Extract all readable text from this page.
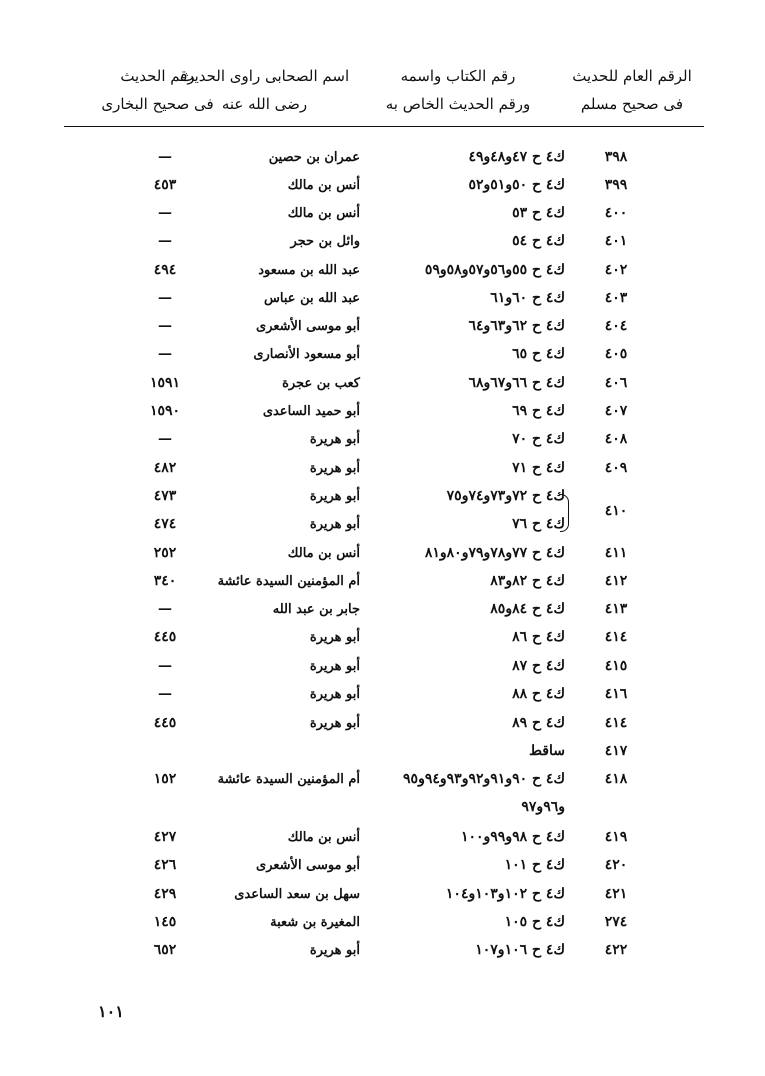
الرقم العام للحديث
فى صحيح مسلم
رقم الكتاب واسمه
ورقم الحديث الخاص به
اسم الصحابى راوى الحديث
رضى الله عنه
رقم الحديث
فى صحيح البخارى
٣٩٨
ك٤ ح ٤٧و٤٨و٤٩
عمران بن حصين
—
٣٩٩
ك٤ ح ٥٠و٥١و٥٢
أنس بن مالك
٤٥٣
٤٠٠
ك٤ ح ٥٣
أنس بن مالك
—
٤٠١
ك٤ ح ٥٤
وائل بن حجر
—
٤٠٢
ك٤ ح ٥٥و٥٦و٥٧و٥٨و٥٩
عبد الله بن مسعود
٤٩٤
٤٠٣
ك٤ ح ٦٠و٦١
عبد الله بن عباس
—
٤٠٤
ك٤ ح ٦٢و٦٣و٦٤
أبو موسى الأشعرى
—
٤٠٥
ك٤ ح ٦٥
أبو مسعود الأنصارى
—
٤٠٦
ك٤ ح ٦٦و٦٧و٦٨
كعب بن عجرة
١٥٩١
٤٠٧
ك٤ ح ٦٩
أبو حميد الساعدى
١٥٩٠
٤٠٨
ك٤ ح ٧٠
أبو هريرة
—
٤٠٩
ك٤ ح ٧١
أبو هريرة
٤٨٢
ك٤ ح ٧٢و٧٣و٧٤و٧٥
أبو هريرة
٤٧٣
ك٤ ح ٧٦
أبو هريرة
٤٧٤
٤١١
ك٤ ح ٧٧و٧٨و٧٩و٨٠و٨١
أنس بن مالك
٢٥٢
٤١٢
ك٤ ح ٨٢و٨٣
أم المؤمنين السيدة عائشة
٣٤٠
٤١٣
ك٤ ح ٨٤و٨٥
جابر بن عبد الله
—
٤١٤
ك٤ ح ٨٦
أبو هريرة
٤٤٥
٤١٥
ك٤ ح ٨٧
أبو هريرة
—
٤١٦
ك٤ ح ٨٨
أبو هريرة
—
٤١٤
ك٤ ح ٨٩
أبو هريرة
٤٤٥
٤١٧
ساقط
٤١٨
ك٤ ح ٩٠و٩١و٩٢و٩٣و٩٤و٩٥
أم المؤمنين السيدة عائشة
١٥٢
و٩٦و٩٧
٤١٩
ك٤ ح ٩٨و٩٩و١٠٠
أنس بن مالك
٤٢٧
٤٢٠
ك٤ ح ١٠١
أبو موسى الأشعرى
٤٢٦
٤٢١
ك٤ ح ١٠٢و١٠٣و١٠٤
سهل بن سعد الساعدى
٤٢٩
٢٧٤
ك٤ ح ١٠٥
المغيرة بن شعبة
١٤٥
٤٢٢
ك٤ ح ١٠٦و١٠٧
أبو هريرة
٦٥٢
٤١٠
١٠١
